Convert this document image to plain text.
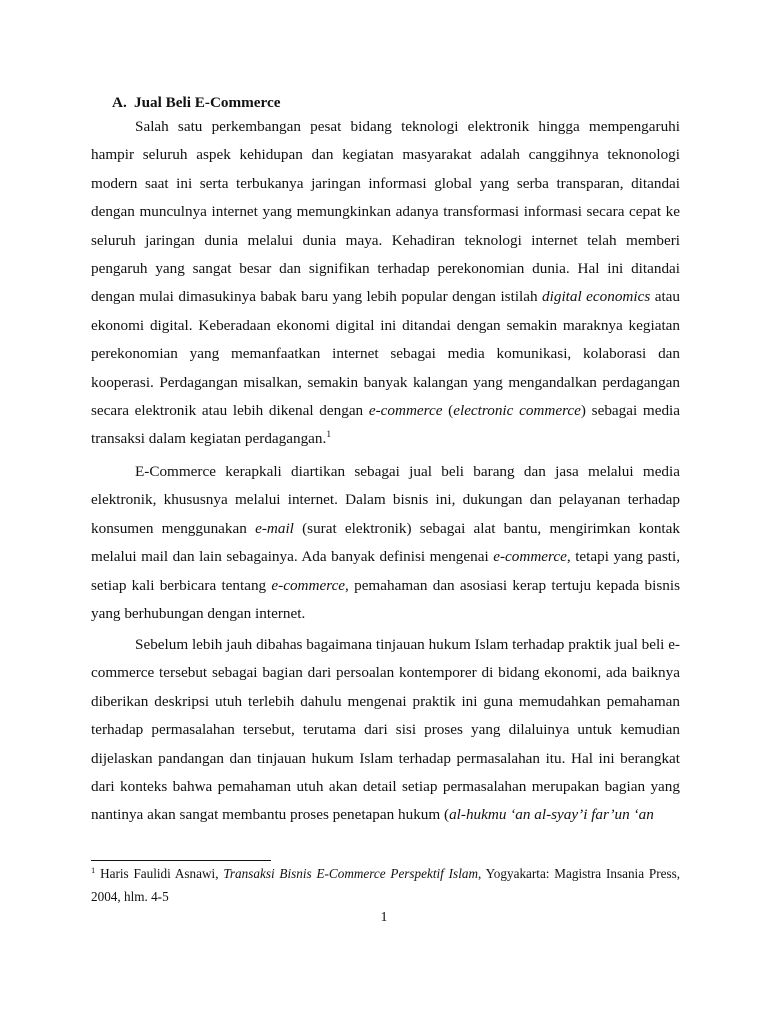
A. Jual Beli E-Commerce

Salah satu perkembangan pesat bidang teknologi elektronik hingga mempengaruhi hampir seluruh aspek kehidupan dan kegiatan masyarakat adalah canggihnya teknonologi modern saat ini serta terbukanya jaringan informasi global yang serba transparan, ditandai dengan munculnya internet yang memungkinkan adanya transformasi informasi secara cepat ke seluruh jaringan dunia melalui dunia maya. Kehadiran teknologi internet telah memberi pengaruh yang sangat besar dan signifikan terhadap perekonomian dunia. Hal ini ditandai dengan mulai dimasukinya babak baru yang lebih popular dengan istilah digital economics atau ekonomi digital. Keberadaan ekonomi digital ini ditandai dengan semakin maraknya kegiatan perekonomian yang memanfaatkan internet sebagai media komunikasi, kolaborasi dan kooperasi. Perdagangan misalkan, semakin banyak kalangan yang mengandalkan perdagangan secara elektronik atau lebih dikenal dengan e-commerce (electronic commerce) sebagai media transaksi dalam kegiatan perdagangan.$^1$

E-Commerce kerapkali diartikan sebagai jual beli barang dan jasa melalui media elektronik, khususnya melalui internet. Dalam bisnis ini, dukungan dan pelayanan terhadap konsumen menggunakan e-mail (surat elektronik) sebagai alat bantu, mengirimkan kontak melalui mail dan lain sebagainya. Ada banyak definisi mengenai e-commerce, tetapi yang pasti, setiap kali berbicara tentang e-commerce, pemahaman dan asosiasi kerap tertuju kepada bisnis yang berhubungan dengan internet.

Sebelum lebih jauh dibahas bagaimana tinjauan hukum Islam terhadap praktik jual beli e-commerce tersebut sebagai bagian dari persoalan kontemporer di bidang ekonomi, ada baiknya diberikan deskripsi utuh terlebih dahulu mengenai praktik ini guna memudahkan pemahaman terhadap permasalahan tersebut, terutama dari sisi proses yang dilaluinya untuk kemudian dijelaskan pandangan dan tinjauan hukum Islam terhadap permasalahan itu. Hal ini berangkat dari konteks bahwa pemahaman utuh akan detail setiap permasalahan merupakan bagian yang nantinya akan sangat membantu proses penetapan hukum (al-hukmu ‘an al-syay’i far’un ‘an

$^1$ Haris Faulidi Asnawi, Transaksi Bisnis E-Commerce Perspektif Islam, Yogyakarta: Magistra Insania Press, 2004, hlm. 4-5

1
